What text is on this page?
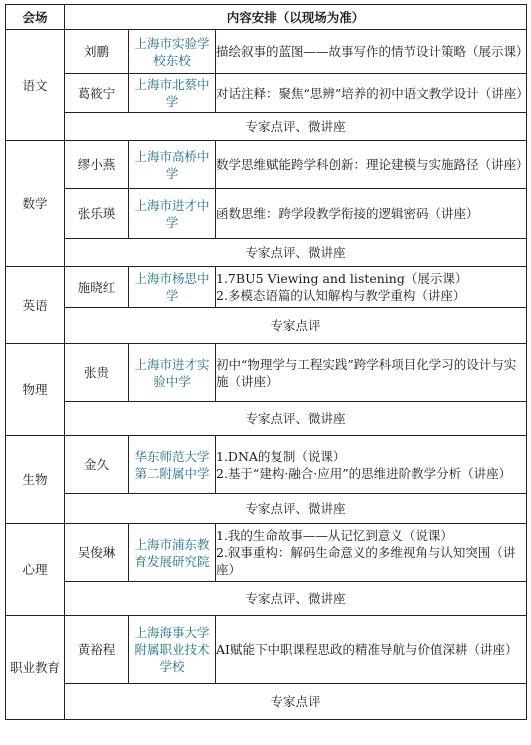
会场	内容安排（以现场为准）		
语文	刘鹏	上海市实验学校东校	描绘叙事的蓝图——故事写作的情节设计策略（展示课）
	葛筱宁	上海市北蔡中学	对话注释：聚焦“思辨”培养的初中语文教学设计（讲座）
	专家点评、微讲座		
数学	缪小燕	上海市高桥中学	数学思维赋能跨学科创新：理论建模与实施路径（讲座）
	张乐瑛	上海市进才中学	函数思维：跨学段教学衔接的逻辑密码（讲座）
	专家点评、微讲座		
英语	施晓红	上海市杨思中学	1.7BU5 Viewing and listening（展示课）
2.多模态语篇的认知解构与教学重构（讲座）
	专家点评		
物理	张贵	上海市进才实验中学	初中“物理学与工程实践”跨学科项目化学习的设计与实施（讲座）
	专家点评、微讲座		
生物	金久	华东师范大学第二附属中学	1.DNA的复制（说课）
2.基于“建构·融合·应用”的思维进阶教学分析（讲座）
	专家点评、微讲座		
心理	吴俊琳	上海市浦东教育发展研究院	1.我的生命故事——从记忆到意义（说课）
2.叙事重构：解码生命意义的多维视角与认知突围（讲座）
	专家点评、微讲座		
职业教育	黄裕程	上海海事大学附属职业技术学校	AI赋能下中职课程思政的精准导航与价值深耕（讲座）
	专家点评		
